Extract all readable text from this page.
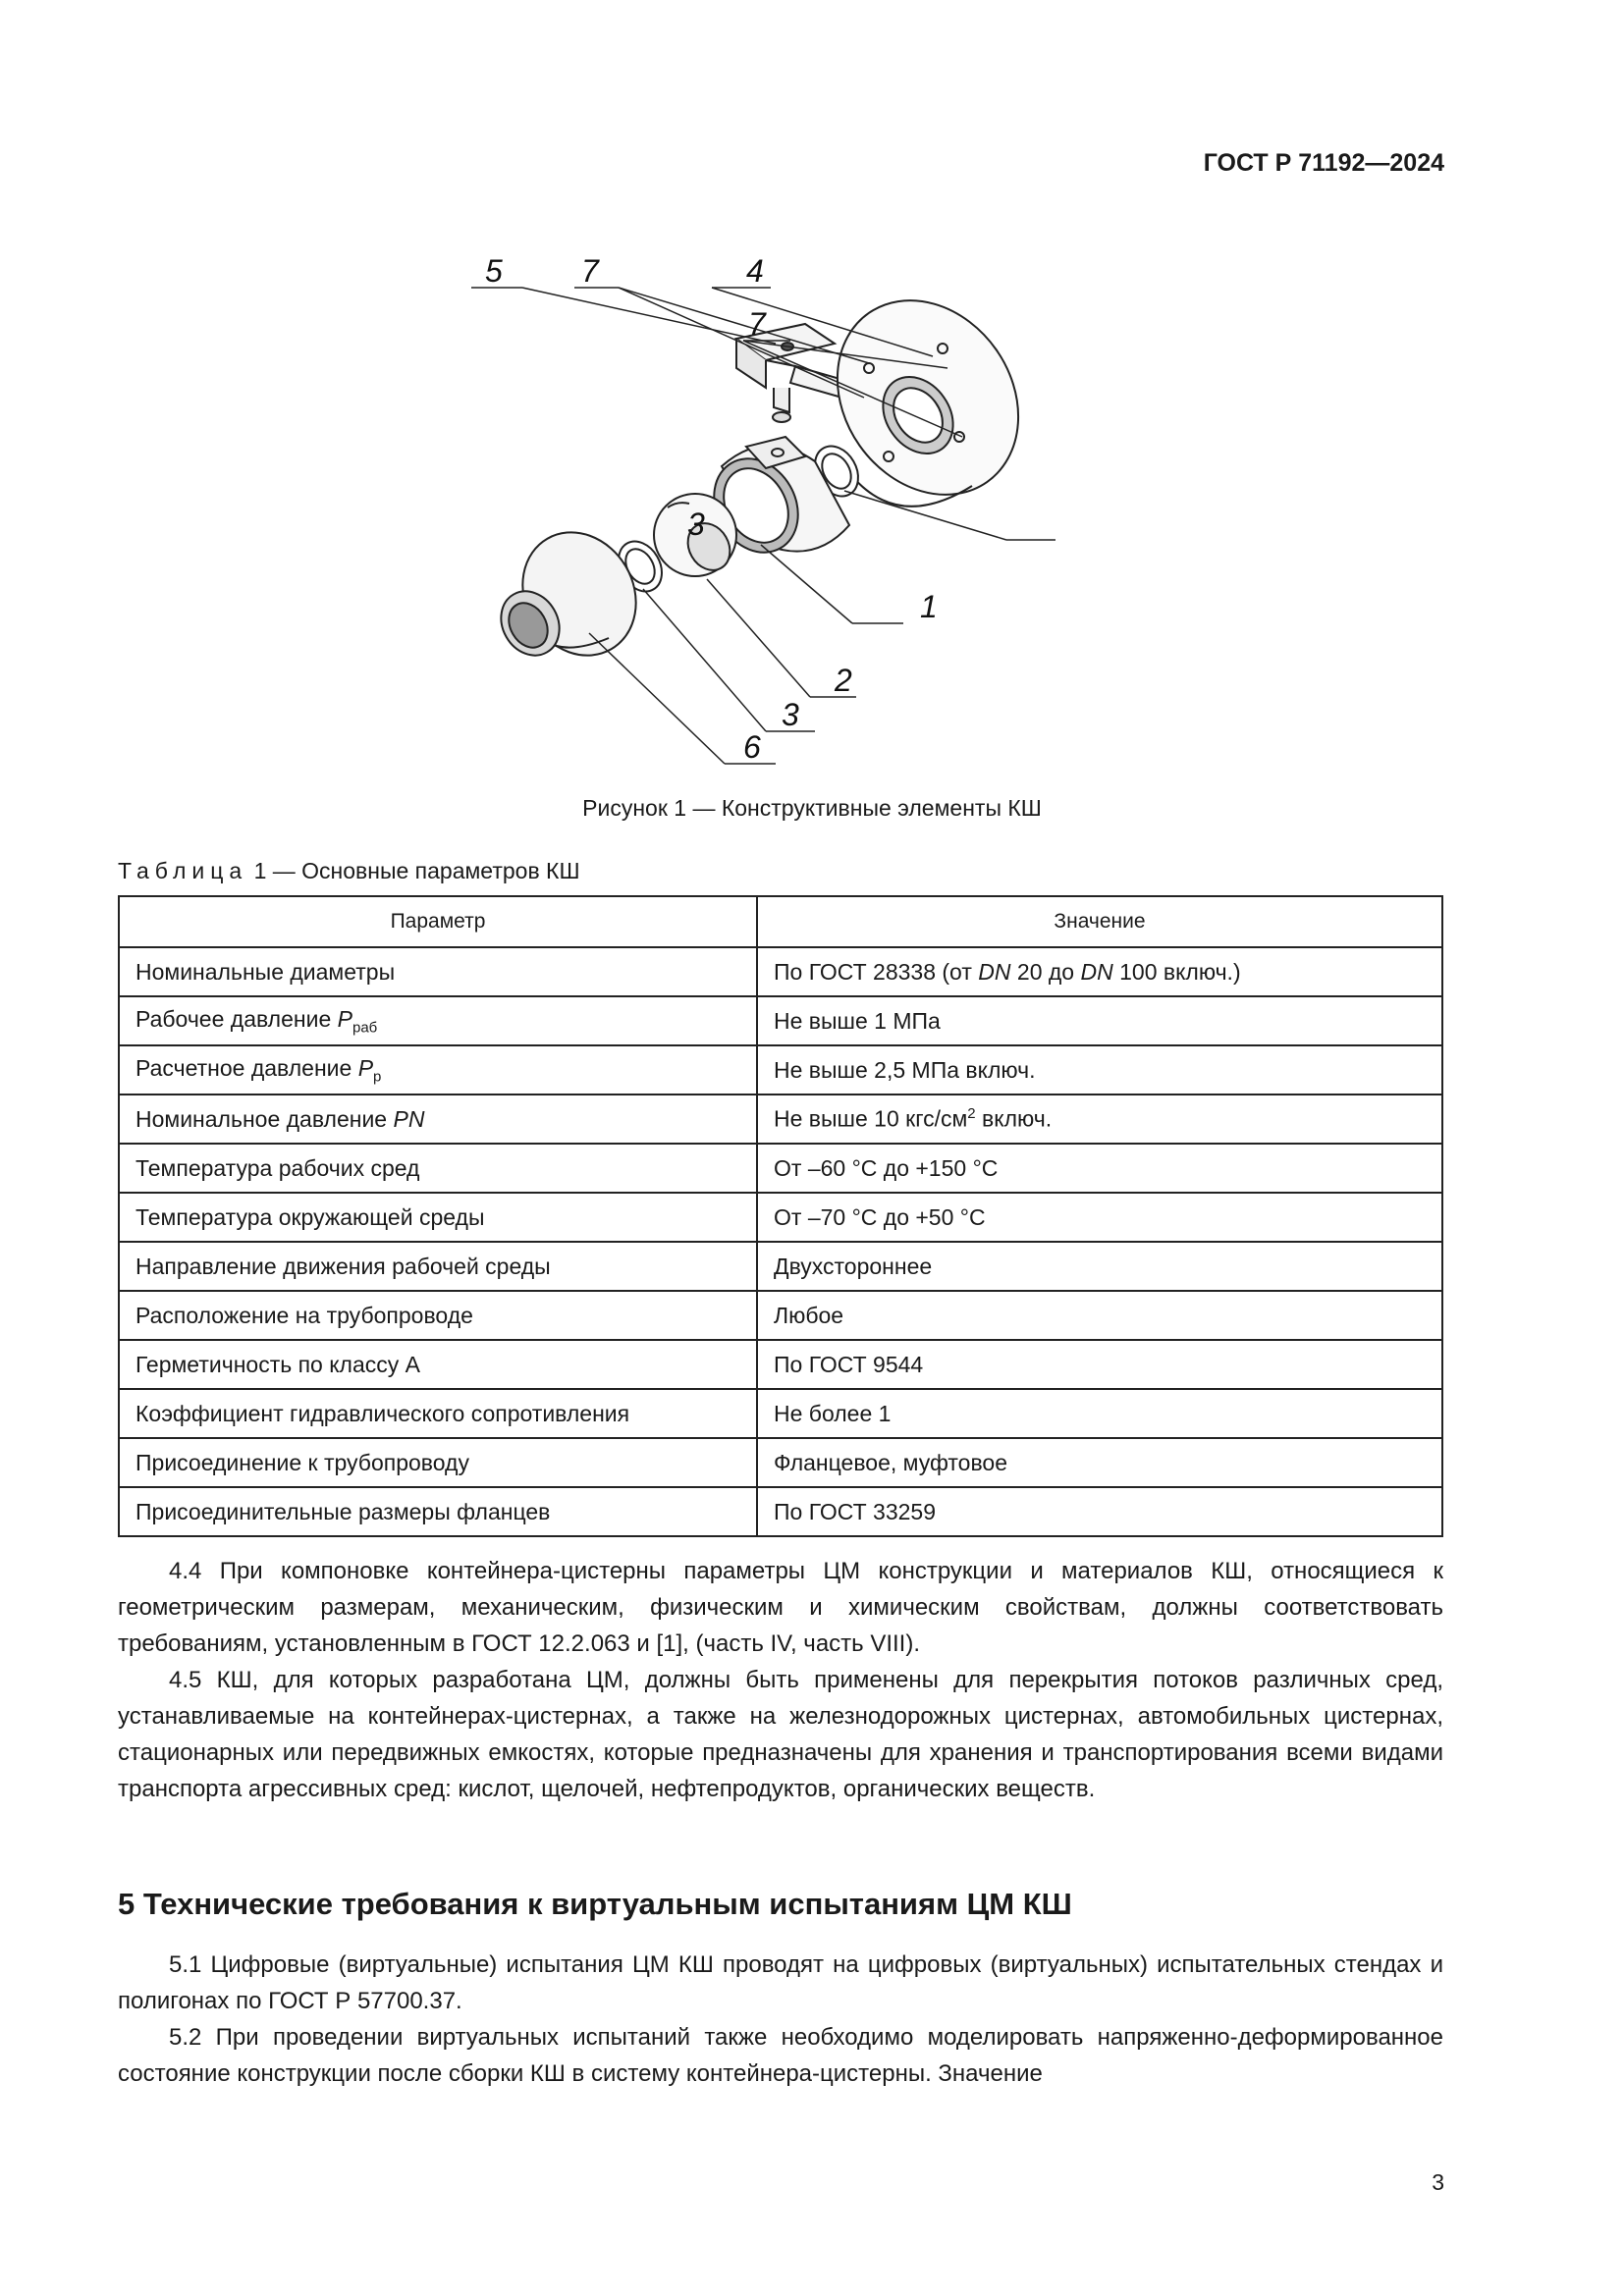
ГОСТ Р 71192—2024
5	7	4
7
3
1
2
3
6
Рисунок 1 — Конструктивные элементы КШ
Таблица 1 — Основные параметров КШ
Параметр	Значение
Номинальные диаметры	По ГОСТ 28338 (от DN 20 до DN 100 включ.)
Рабочее давление $P_{раб}$	Не выше 1 МПа
Расчетное давление $P_р$	Не выше 2,5 МПа включ.
Номинальное давление PN	Не выше 10 кгс/$см^2$ включ.
Температура рабочих сред	От –60 °С до +150 °С
Температура окружающей среды	От –70 °С до +50 °С
Направление движения рабочей среды	Двухстороннее
Расположение на трубопроводе	Любое
Герметичность по классу А	По ГОСТ 9544
Коэффициент гидравлического сопротивления	Не более 1
Присоединение к трубопроводу	Фланцевое, муфтовое
Присоединительные размеры фланцев	По ГОСТ 33259

4.4 При компоновке контейнера-цистерны параметры ЦМ конструкции и материалов КШ, относящиеся к геометрическим размерам, механическим, физическим и химическим свойствам, должны соответствовать требованиям, установленным в ГОСТ 12.2.063 и [1], (часть IV, часть VIII).

4.5 КШ, для которых разработана ЦМ, должны быть применены для перекрытия потоков различных сред, устанавливаемые на контейнерах-цистернах, а также на железнодорожных цистернах, автомобильных цистернах, стационарных или передвижных емкостях, которые предназначены для хранения и транспортирования всеми видами транспорта агрессивных сред: кислот, щелочей, нефтепродуктов, органических веществ.

5 Технические требования к виртуальным испытаниям ЦМ КШ

5.1 Цифровые (виртуальные) испытания ЦМ КШ проводят на цифровых (виртуальных) испытательных стендах и полигонах по ГОСТ Р 57700.37.

5.2 При проведении виртуальных испытаний также необходимо моделировать напряженно-деформированное состояние конструкции после сборки КШ в систему контейнера-цистерны. Значение

3
